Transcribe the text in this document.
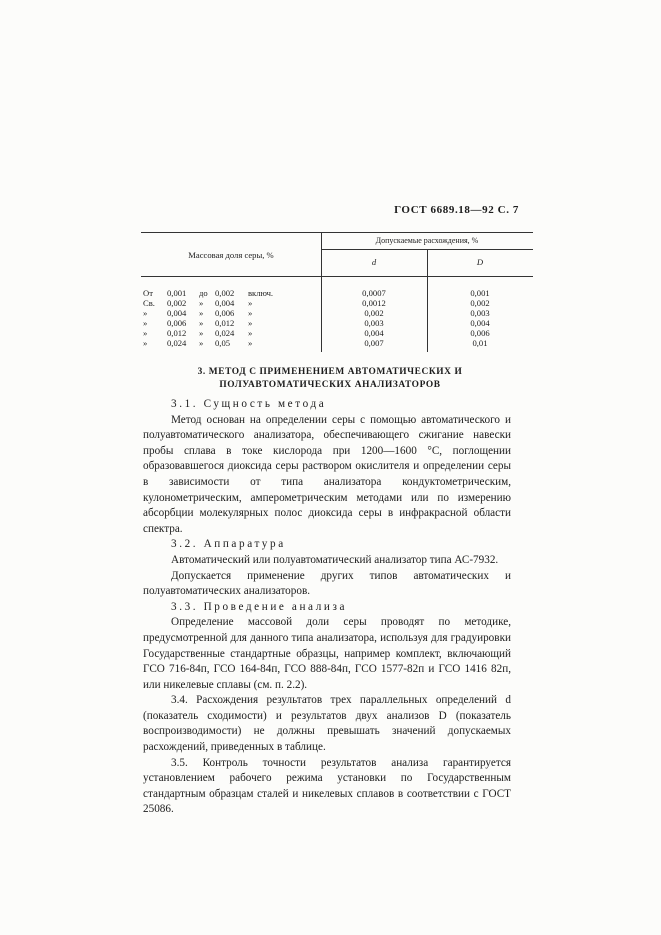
ГОСТ 6689.18—92 С. 7
Массовая доля серы, %
Допускаемые расхождения, %
d	D
От 0,001 до 0,002 включ.	0,0007	0,001
Св. 0,002 » 0,004 »	0,0012	0,002
» 0,004 » 0,006 »	0,002	0,003
» 0,006 » 0,012 »	0,003	0,004
» 0,012 » 0,024 »	0,004	0,006
» 0,024 » 0,05 »	0,007	0,01
3. МЕТОД С ПРИМЕНЕНИЕМ АВТОМАТИЧЕСКИХ И
ПОЛУАВТОМАТИЧЕСКИХ АНАЛИЗАТОРОВ

3.1. Сущность метода

Метод основан на определении серы с помощью автоматического и полуавтоматического анализатора, обеспечивающего сжигание навески пробы сплава в токе кислорода при 1200—1600 °С, поглощении образовавшегося диоксида серы раствором окислителя и определении серы в зависимости от типа анализатора кондуктометрическим, кулонометрическим, амперометрическим методами или по измерению абсорбции молекулярных полос диоксида серы в инфракрасной области спектра.

3.2. Аппаратура

Автоматический или полуавтоматический анализатор типа АС-7932.

Допускается применение других типов автоматических и полуавтоматических анализаторов.

3.3. Проведение анализа

Определение массовой доли серы проводят по методике, предусмотренной для данного типа анализатора, используя для градуировки Государственные стандартные образцы, например комплект, включающий ГСО 716-84п, ГСО 164-84п, ГСО 888-84п, ГСО 1577-82п и ГСО 1416 82п, или никелевые сплавы (см. п. 2.2).

3.4. Расхождения результатов трех параллельных определений d (показатель сходимости) и результатов двух анализов D (показатель воспроизводимости) не должны превышать значений допускаемых расхождений, приведенных в таблице.

3.5. Контроль точности результатов анализа гарантируется установлением рабочего режима установки по Государственным стандартным образцам сталей и никелевых сплавов в соответствии с ГОСТ 25086.
